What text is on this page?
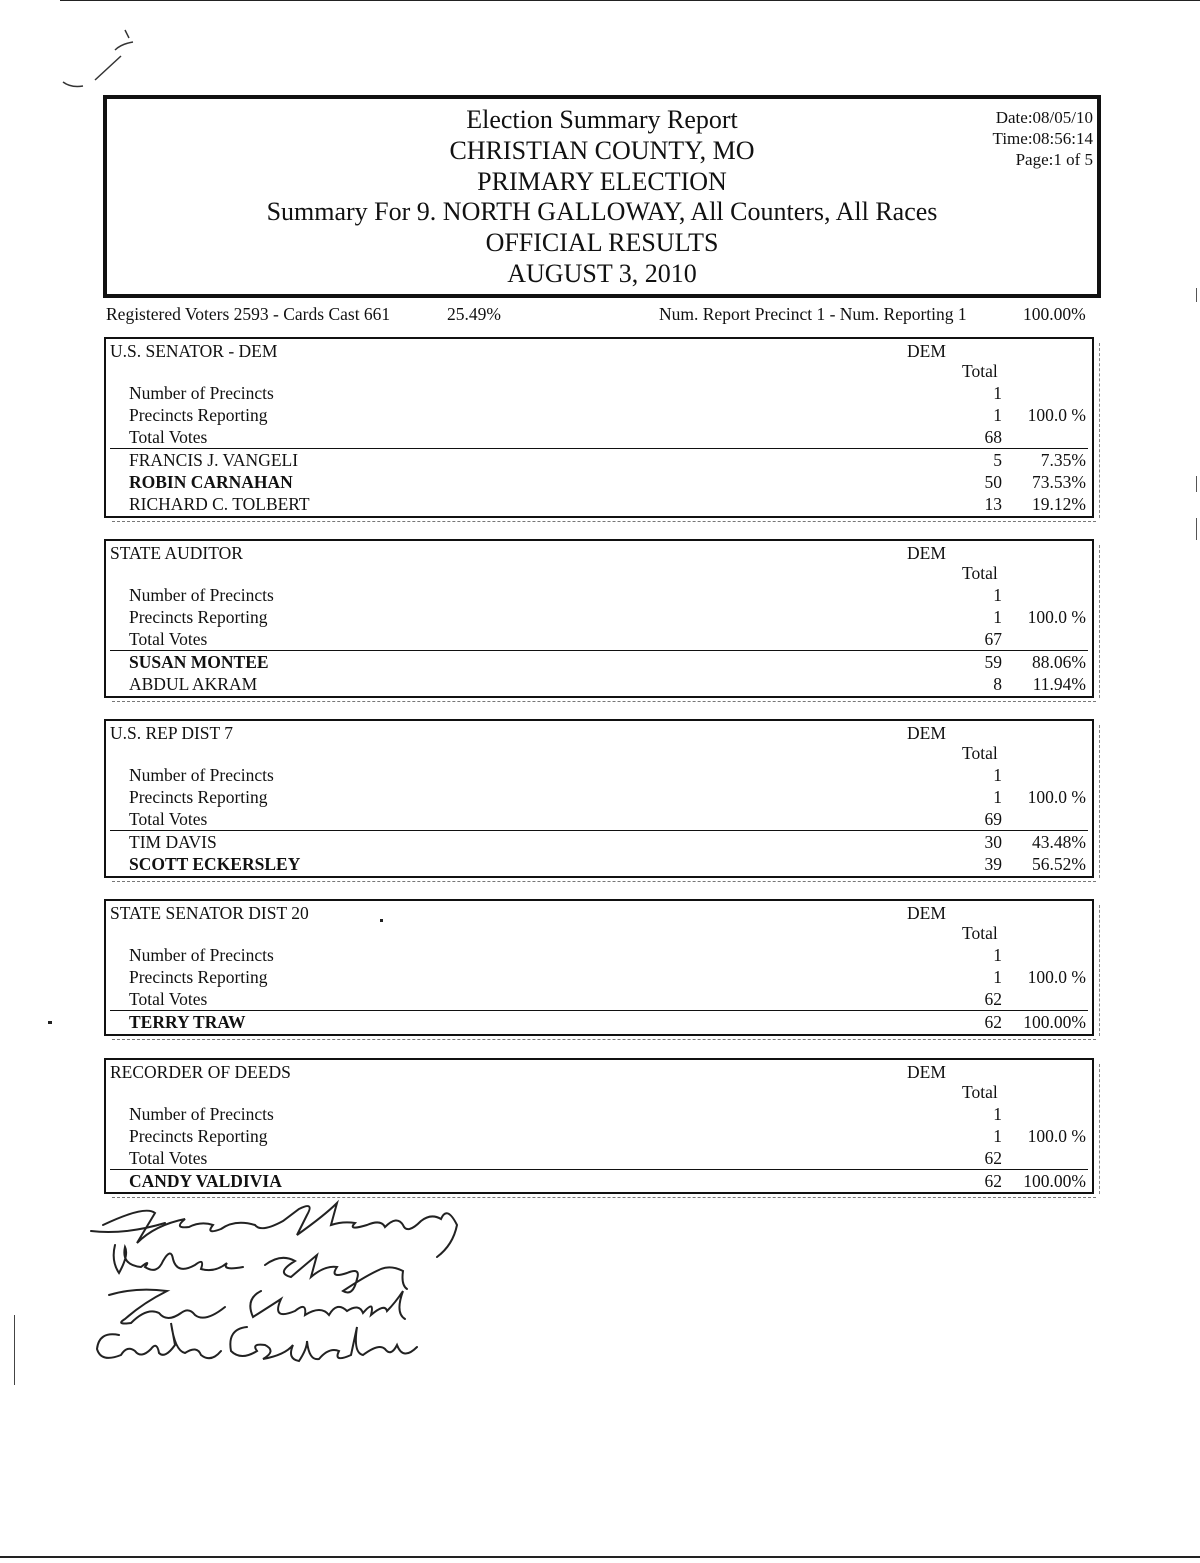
Election Summary Report
CHRISTIAN COUNTY, MO
PRIMARY ELECTION
Summary For 9. NORTH GALLOWAY, All Counters, All Races
OFFICIAL RESULTS
AUGUST 3, 2010
Date:08/05/10
Time:08:56:14
Page:1 of 5
Registered Voters 2593 - Cards Cast 661	25.49%	Num. Report Precinct 1 - Num. Reporting 1	100.00%
U.S. SENATOR - DEM	DEM
Total
Number of Precincts	1
Precincts Reporting	1 100.0 %
Total Votes	68
FRANCIS J. VANGELI	5 7.35%
ROBIN CARNAHAN	50 73.53%
RICHARD C. TOLBERT	13 19.12%
STATE AUDITOR	DEM
Total
Number of Precincts	1
Precincts Reporting	1 100.0 %
Total Votes	67
SUSAN MONTEE	59 88.06%
ABDUL AKRAM	8 11.94%
U.S. REP DIST 7	DEM
Total
Number of Precincts	1
Precincts Reporting	1 100.0 %
Total Votes	69
TIM DAVIS	30 43.48%
SCOTT ECKERSLEY	39 56.52%
STATE SENATOR DIST 20	DEM
Total
Number of Precincts	1
Precincts Reporting	1 100.0 %
Total Votes	62
TERRY TRAW	62 100.00%
RECORDER OF DEEDS	DEM
Total
Number of Precincts	1
Precincts Reporting	1 100.0 %
Total Votes	62
CANDY VALDIVIA	62 100.00%
